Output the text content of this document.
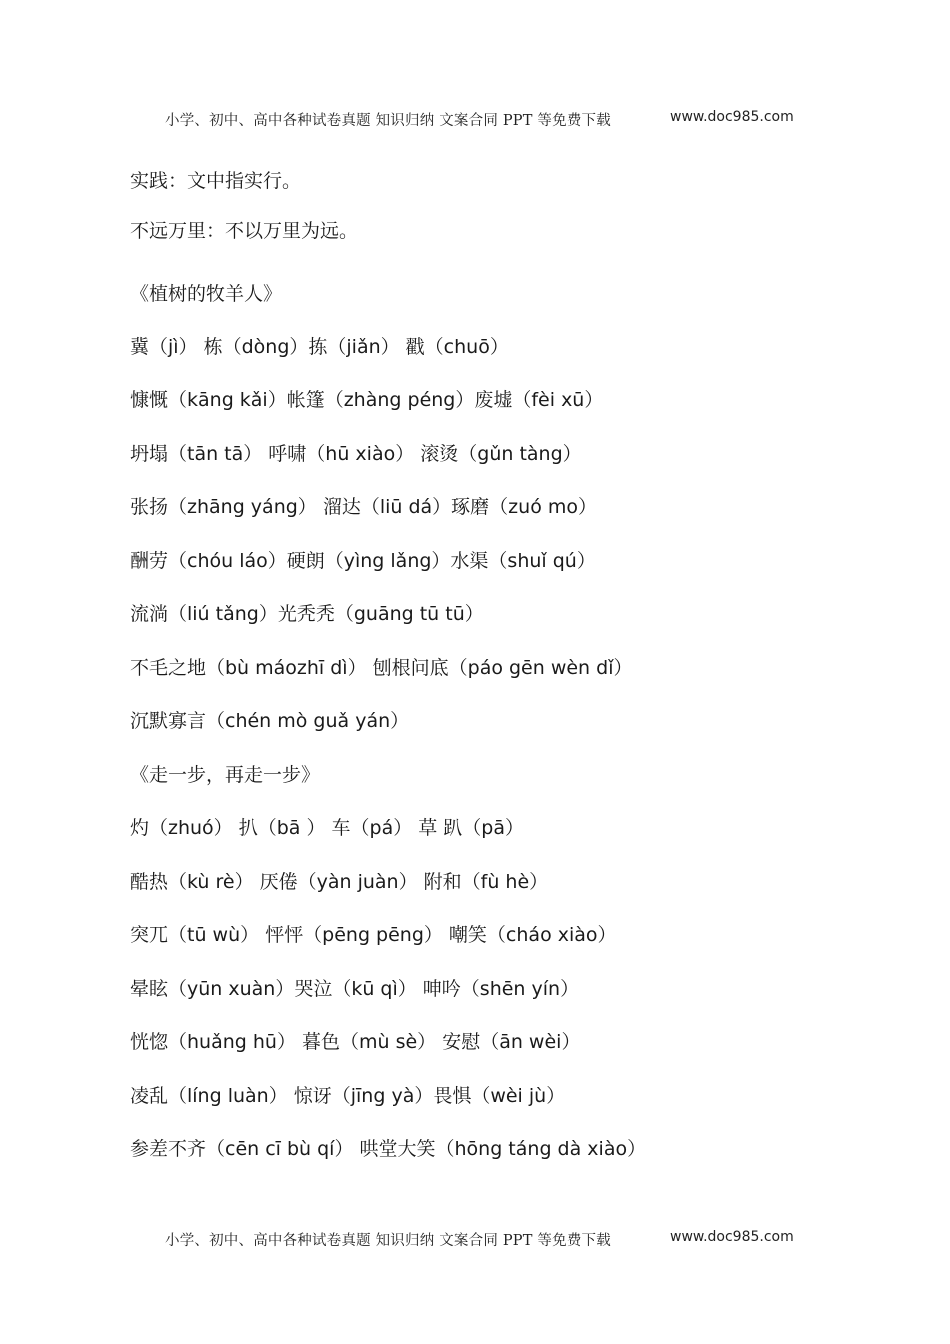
小学、初中、高中各种试卷真题 知识归纳 文案合同 PPT 等免费下载	www.doc985.com
实践：文中指实行。
不远万里：不以万里为远。
《植树的牧羊人》
冀（jì） 栋（dòng）拣（jiǎn） 戳（chuō）
慷慨（kāng kǎi）帐篷（zhàng péng）废墟（fèi xū）
坍塌（tān tā） 呼啸（hū xiào） 滚烫（gǔn tàng）
张扬（zhāng yáng） 溜达（liū dá）琢磨（zuó mo）
酬劳（chóu láo）硬朗（yìng lǎng）水渠（shuǐ qú）
流淌（liú tǎng）光秃秃（guāng tū tū）
不毛之地（bù máozhī dì） 刨根问底（páo gēn wèn dǐ）
沉默寡言（chén mò guǎ yán）
《走一步，再走一步》
灼（zhuó） 扒（bā ） 车（pá） 草 趴（pā）
酷热（kù rè） 厌倦（yàn juàn） 附和（fù hè）
突兀（tū wù） 怦怦（pēng pēng） 嘲笑（cháo xiào）
晕眩（yūn xuàn）哭泣（kū qì） 呻吟（shēn yín）
恍惚（huǎng hū） 暮色（mù sè） 安慰（ān wèi）
凌乱（líng luàn） 惊讶（jīng yà）畏惧（wèi jù）
参差不齐（cēn cī bù qí） 哄堂大笑（hōng táng dà xiào）
小学、初中、高中各种试卷真题 知识归纳 文案合同 PPT 等免费下载	www.doc985.com
